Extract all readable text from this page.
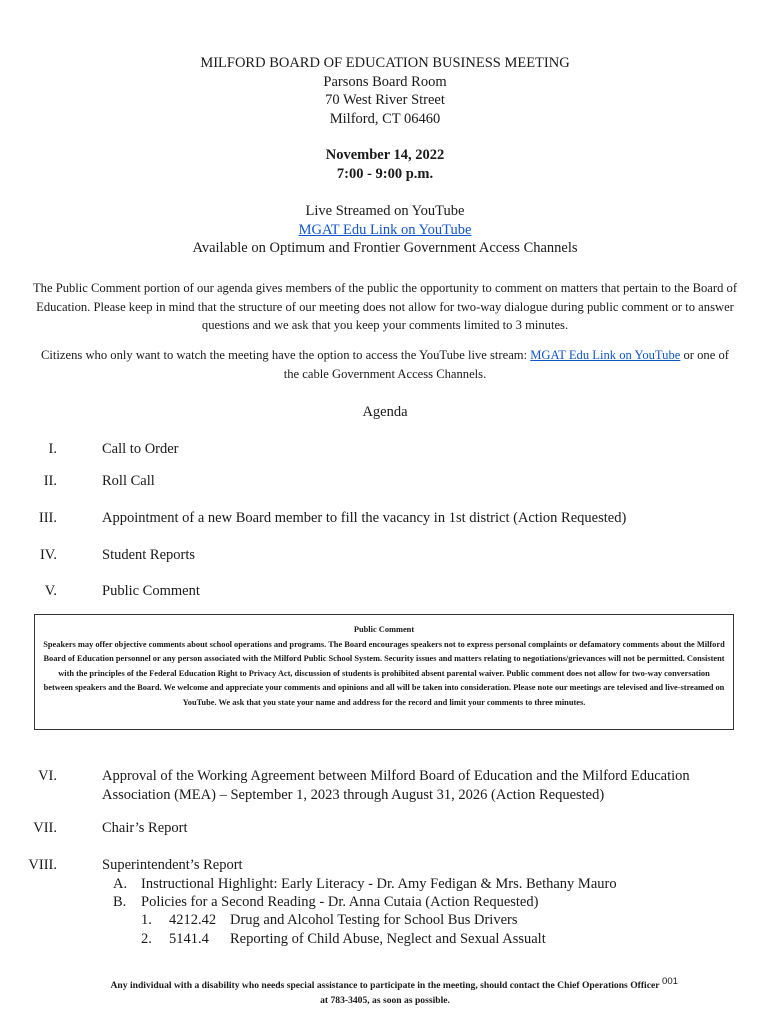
MILFORD BOARD OF EDUCATION BUSINESS MEETING
Parsons Board Room
70 West River Street
Milford, CT 06460
November 14, 2022
7:00 - 9:00 p.m.
Live Streamed on YouTube
MGAT Edu Link on YouTube
Available on Optimum and Frontier Government Access Channels
The Public Comment portion of our agenda gives members of the public the opportunity to comment on matters that pertain to the Board of Education. Please keep in mind that the structure of our meeting does not allow for two-way dialogue during public comment or to answer questions and we ask that you keep your comments limited to 3 minutes.
Citizens who only want to watch the meeting have the option to access the YouTube live stream: MGAT Edu Link on YouTube or one of the cable Government Access Channels.
Agenda
I.	Call to Order
II.	Roll Call
III.	Appointment of a new Board member to fill the vacancy in 1st district (Action Requested)
IV.	Student Reports
V.	Public Comment
Public Comment
Speakers may offer objective comments about school operations and programs. The Board encourages speakers not to express personal complaints or defamatory comments about the Milford Board of Education personnel or any person associated with the Milford Public School System. Security issues and matters relating to negotiations/grievances will not be permitted. Consistent with the principles of the Federal Education Right to Privacy Act, discussion of students is prohibited absent parental waiver. Public comment does not allow for two-way conversation between speakers and the Board. We welcome and appreciate your comments and opinions and all will be taken into consideration. Please note our meetings are televised and live-streamed on YouTube. We ask that you state your name and address for the record and limit your comments to three minutes.
VI.	Approval of the Working Agreement between Milford Board of Education and the Milford Education Association (MEA) – September 1, 2023 through August 31, 2026 (Action Requested)
VII.	Chair’s Report
VIII.	Superintendent’s Report
A. Instructional Highlight: Early Literacy - Dr. Amy Fedigan & Mrs. Bethany Mauro
B. Policies for a Second Reading - Dr. Anna Cutaia (Action Requested)
1. 4212.42 Drug and Alcohol Testing for School Bus Drivers
2. 5141.4 Reporting of Child Abuse, Neglect and Sexual Assualt
Any individual with a disability who needs special assistance to participate in the meeting, should contact the Chief Operations Officer at 783-3405, as soon as possible.
001
